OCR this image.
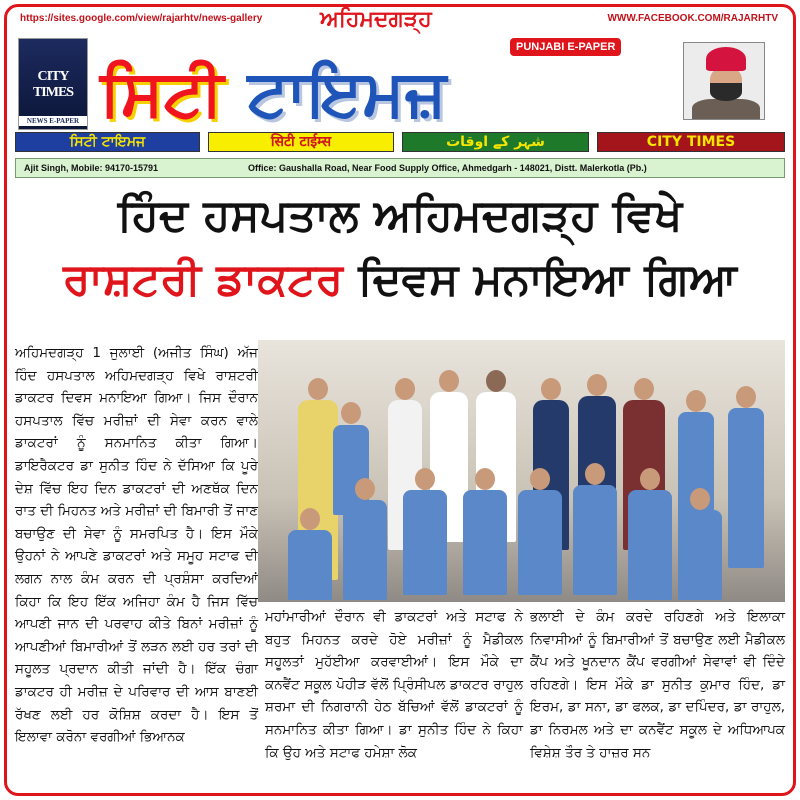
https://sites.google.com/view/rajarhtv/news-gallery	ਅਹਿਮਦਗੜ੍ਹ	WWW.FACEBOOK.COM/RAJARHTV
CITY TIMES
NEWS E-PAPER ਸਿਟੀ ਟਾਇਮਜ਼
PUNJABI E-PAPER
ਸਿਟੀ ਟਾਇਮਜ	सिटी टाईम्स	شہر کے اوقات	CITY TIMES
Ajit Singh, Mobile: 94170-15791	Office: Gaushalla Road, Near Food Supply Office, Ahmedgarh - 148021, Distt. Malerkotla (Pb.)
ਹਿੰਦ ਹਸਪਤਾਲ ਅਹਿਮਦਗੜ੍ਹ ਵਿਖੇ
ਰਾਸ਼ਟਰੀ ਡਾਕਟਰ ਦਿਵਸ ਮਨਾਇਆ ਗਿਆ
ਅਹਿਮਦਗੜ੍ਹ 1 ਜੁਲਾਈ (ਅਜੀਤ ਸਿੰਘ) ਅੱਜ ਹਿੰਦ ਹਸਪਤਾਲ ਅਹਿਮਦਗੜ੍ਹ ਵਿਖੇ ਰਾਸ਼ਟਰੀ ਡਾਕਟਰ ਦਿਵਸ ਮਨਾਇਆ ਗਿਆ। ਜਿਸ ਦੌਰਾਨ ਹਸਪਤਾਲ ਵਿੱਚ ਮਰੀਜ਼ਾਂ ਦੀ ਸੇਵਾ ਕਰਨ ਵਾਲੇ ਡਾਕਟਰਾਂ ਨੂੰ ਸਨਮਾਨਿਤ ਕੀਤਾ ਗਿਆ। ਡਾਇਰੈਕਟਰ ਡਾ ਸੁਨੀਤ ਹਿੰਦ ਨੇ ਦੱਸਿਆ ਕਿ ਪੂਰੇ ਦੇਸ਼ ਵਿੱਚ ਇਹ ਦਿਨ ਡਾਕਟਰਾਂ ਦੀ ਅਣਥੱਕ ਦਿਨ ਰਾਤ ਦੀ ਮਿਹਨਤ ਅਤੇ ਮਰੀਜ਼ਾਂ ਦੀ ਬਿਮਾਰੀ ਤੋਂ ਜਾਣ ਬਚਾਉਣ ਦੀ ਸੇਵਾ ਨੂੰ ਸਮਰਪਿਤ ਹੈ। ਇਸ ਮੌਕੇ ਉਹਨਾਂ ਨੇ ਆਪਣੇ ਡਾਕਟਰਾਂ ਅਤੇ ਸਮੂਹ ਸਟਾਫ ਦੀ ਲਗਨ ਨਾਲ ਕੰਮ ਕਰਨ ਦੀ ਪ੍ਰਸ਼ੰਸਾ ਕਰਦਿਆਂ ਕਿਹਾ ਕਿ ਇਹ ਇੱਕ ਅਜਿਹਾ ਕੰਮ ਹੈ ਜਿਸ ਵਿੱਚ ਆਪਣੀ ਜਾਨ ਦੀ ਪਰਵਾਹ ਕੀਤੇ ਬਿਨਾਂ ਮਰੀਜ਼ਾਂ ਨੂੰ ਆਪਣੀਆਂ ਬਿਮਾਰੀਆਂ ਤੋਂ ਲੜਨ ਲਈ ਹਰ ਤਰਾਂ ਦੀ ਸਹੂਲਤ ਪ੍ਰਦਾਨ ਕੀਤੀ ਜਾਂਦੀ ਹੈ। ਇੱਕ ਚੰਗਾ ਡਾਕਟਰ ਹੀ ਮਰੀਜ਼ ਦੇ ਪਰਿਵਾਰ ਦੀ ਆਸ ਬਾਣਈ ਰੱਖਣ ਲਈ ਹਰ ਕੋਸ਼ਿਸ਼ ਕਰਦਾ ਹੈ। ਇਸ ਤੋਂ ਇਲਾਵਾ ਕਰੋਨਾ ਵਰਗੀਆਂ ਭਿਆਨਕ
ਮਹਾਂਮਾਰੀਆਂ ਦੌਰਾਨ ਵੀ ਡਾਕਟਰਾਂ ਅਤੇ ਸਟਾਫ ਨੇ ਬਹੁਤ ਮਿਹਨਤ ਕਰਦੇ ਹੋਏ ਮਰੀਜ਼ਾਂ ਨੂੰ ਮੈਡੀਕਲ ਸਹੂਲਤਾਂ ਮੁਹੱਈਆ ਕਰਵਾਈਆਂ। ਇਸ ਮੌਕੇ ਦਾ ਕਨਵੈਂਟ ਸਕੂਲ ਪੋਹੀੜ ਵੱਲੋਂ ਪ੍ਰਿੰਸੀਪਲ ਡਾਕਟਰ ਰਾਹੁਲ ਸ਼ਰਮਾ ਦੀ ਨਿਗਰਾਨੀ ਹੇਠ ਬੱਚਿਆਂ ਵੱਲੋਂ ਡਾਕਟਰਾਂ ਨੂੰ ਸਨਮਾਨਿਤ ਕੀਤਾ ਗਿਆ। ਡਾ ਸੁਨੀਤ ਹਿੰਦ ਨੇ ਕਿਹਾ ਕਿ ਉਹ ਅਤੇ ਸਟਾਫ ਹਮੇਸ਼ਾ ਲੋਕ
ਭਲਾਈ ਦੇ ਕੰਮ ਕਰਦੇ ਰਹਿਣਗੇ ਅਤੇ ਇਲਾਕਾ ਨਿਵਾਸੀਆਂ ਨੂੰ ਬਿਮਾਰੀਆਂ ਤੋਂ ਬਚਾਉਣ ਲਈ ਮੈਡੀਕਲ ਕੈਂਪ ਅਤੇ ਖੂਨਦਾਨ ਕੈਂਪ ਵਰਗੀਆਂ ਸੇਵਾਵਾਂ ਵੀ ਦਿੰਦੇ ਰਹਿਣਗੇ। ਇਸ ਮੌਕੇ ਡਾ ਸੁਨੀਤ ਕੁਮਾਰ ਹਿੰਦ, ਡਾ ਇਰਮ, ਡਾ ਸਨਾ, ਡਾ ਫਲਕ, ਡਾ ਦਪਿੰਦਰ, ਡਾ ਰਾਹੁਲ, ਡਾ ਨਿਰਮਲ ਅਤੇ ਦਾ ਕਨਵੈਂਟ ਸਕੂਲ ਦੇ ਅਧਿਆਪਕ ਵਿਸ਼ੇਸ਼ ਤੌਰ ਤੇ ਹਾਜ਼ਰ ਸਨ
